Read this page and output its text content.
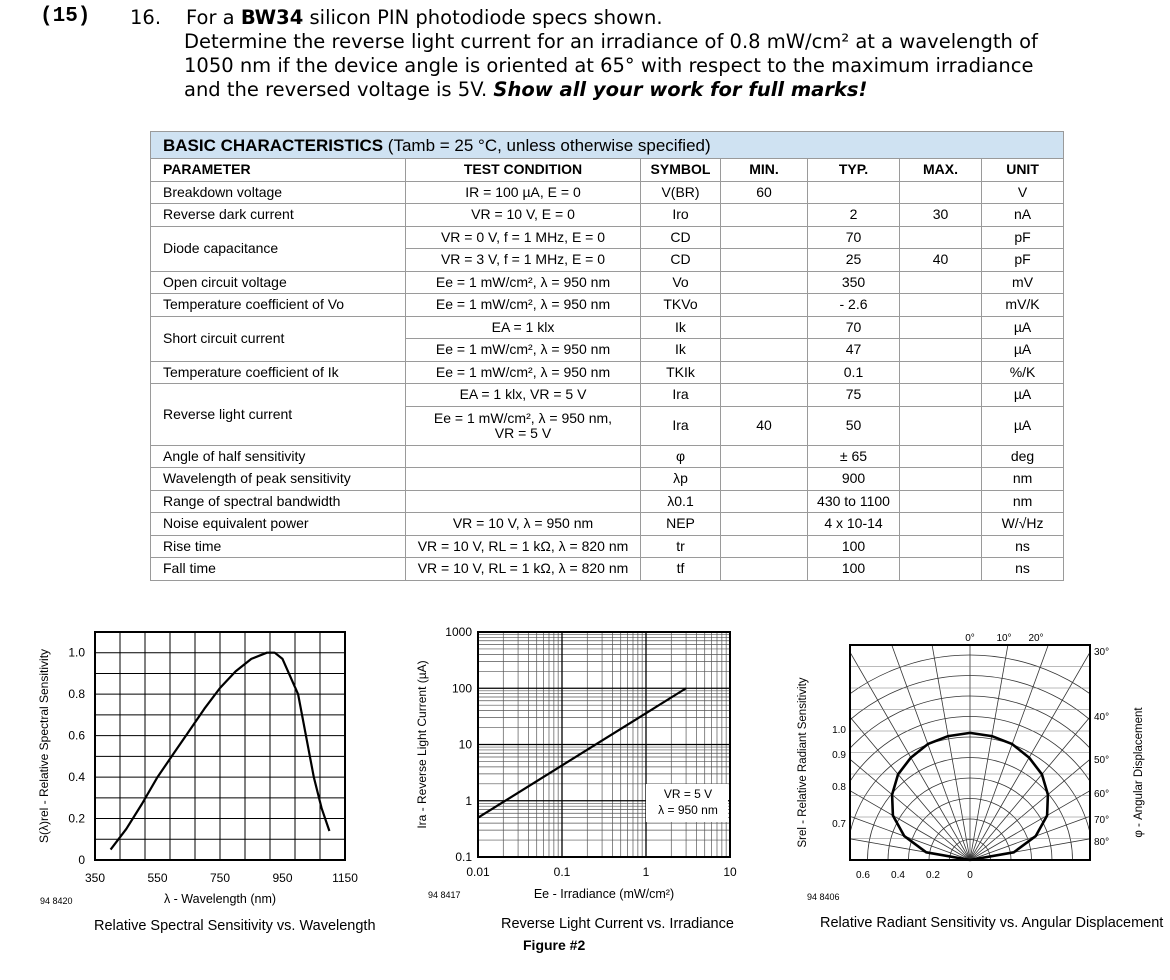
(15) 16. For a BW34 silicon PIN photodiode specs shown.
Determine the reverse light current for an irradiance of 0.8 mW/cm² at a wavelength of
1050 nm if the device angle is oriented at 65° with respect to the maximum irradiance
and the reversed voltage is 5V. Show all your work for full marks!
BASIC CHARACTERISTICS (Tamb = 25 °C, unless otherwise specified)						
PARAMETER	TEST CONDITION	SYMBOL	MIN.	TYP.	MAX.	UNIT
Breakdown voltage	IR = 100 µA, E = 0	V(BR)	60			V
Reverse dark current	VR = 10 V, E = 0	Iro		2	30	nA
Diode capacitance	VR = 0 V, f = 1 MHz, E = 0	CD		70		pF
	VR = 3 V, f = 1 MHz, E = 0	CD		25	40	pF
Open circuit voltage	Ee = 1 mW/cm², λ = 950 nm	Vo		350		mV
Temperature coefficient of Vo	Ee = 1 mW/cm², λ = 950 nm	TKVo		- 2.6		mV/K
Short circuit current	EA = 1 klx	Ik		70		µA
	Ee = 1 mW/cm², λ = 950 nm	Ik		47		µA
Temperature coefficient of Ik	Ee = 1 mW/cm², λ = 950 nm	TKIk		0.1		%/K
Reverse light current	EA = 1 klx, VR = 5 V	Ira		75		µA
	Ee = 1 mW/cm², λ = 950 nm,
VR = 5 V	Ira	40	50		µA
Angle of half sensitivity		φ		± 65		deg
Wavelength of peak sensitivity		λp		900		nm
Range of spectral bandwidth		λ0.1		430 to 1100		nm
Noise equivalent power	VR = 10 V, λ = 950 nm	NEP		4 x 10-14		W/√Hz
Rise time	VR = 10 V, RL = 1 kΩ, λ = 820 nm	tr		100		ns
Fall time	VR = 10 V, RL = 1 kΩ, λ = 820 nm	tf		100		ns
350	550	750	950	1150
0
0.2
0.4
0.6
0.8
1.0
λ - Wavelength (nm)
S(λ)rel - Relative Spectral Sensitivity
94 8420
Relative Spectral Sensitivity vs. Wavelength
0.01	0.1	1	10
0.1
1
10
100
1000
VR = 5 V
λ = 950 nm
Ee - Irradiance (mW/cm²)
Ira - Reverse Light Current (µA)
94 8417
Reverse Light Current vs. Irradiance
0° 10° 20°
30°
40°
50°
60°
70°
80°
1.0
0.9
0.8
0.7
0.6 0.4 0.2	0
Srel - Relative Radiant Sensitivity	φ - Angular Displacement
94 8406
Relative Radiant Sensitivity vs. Angular Displacement
Figure #2
